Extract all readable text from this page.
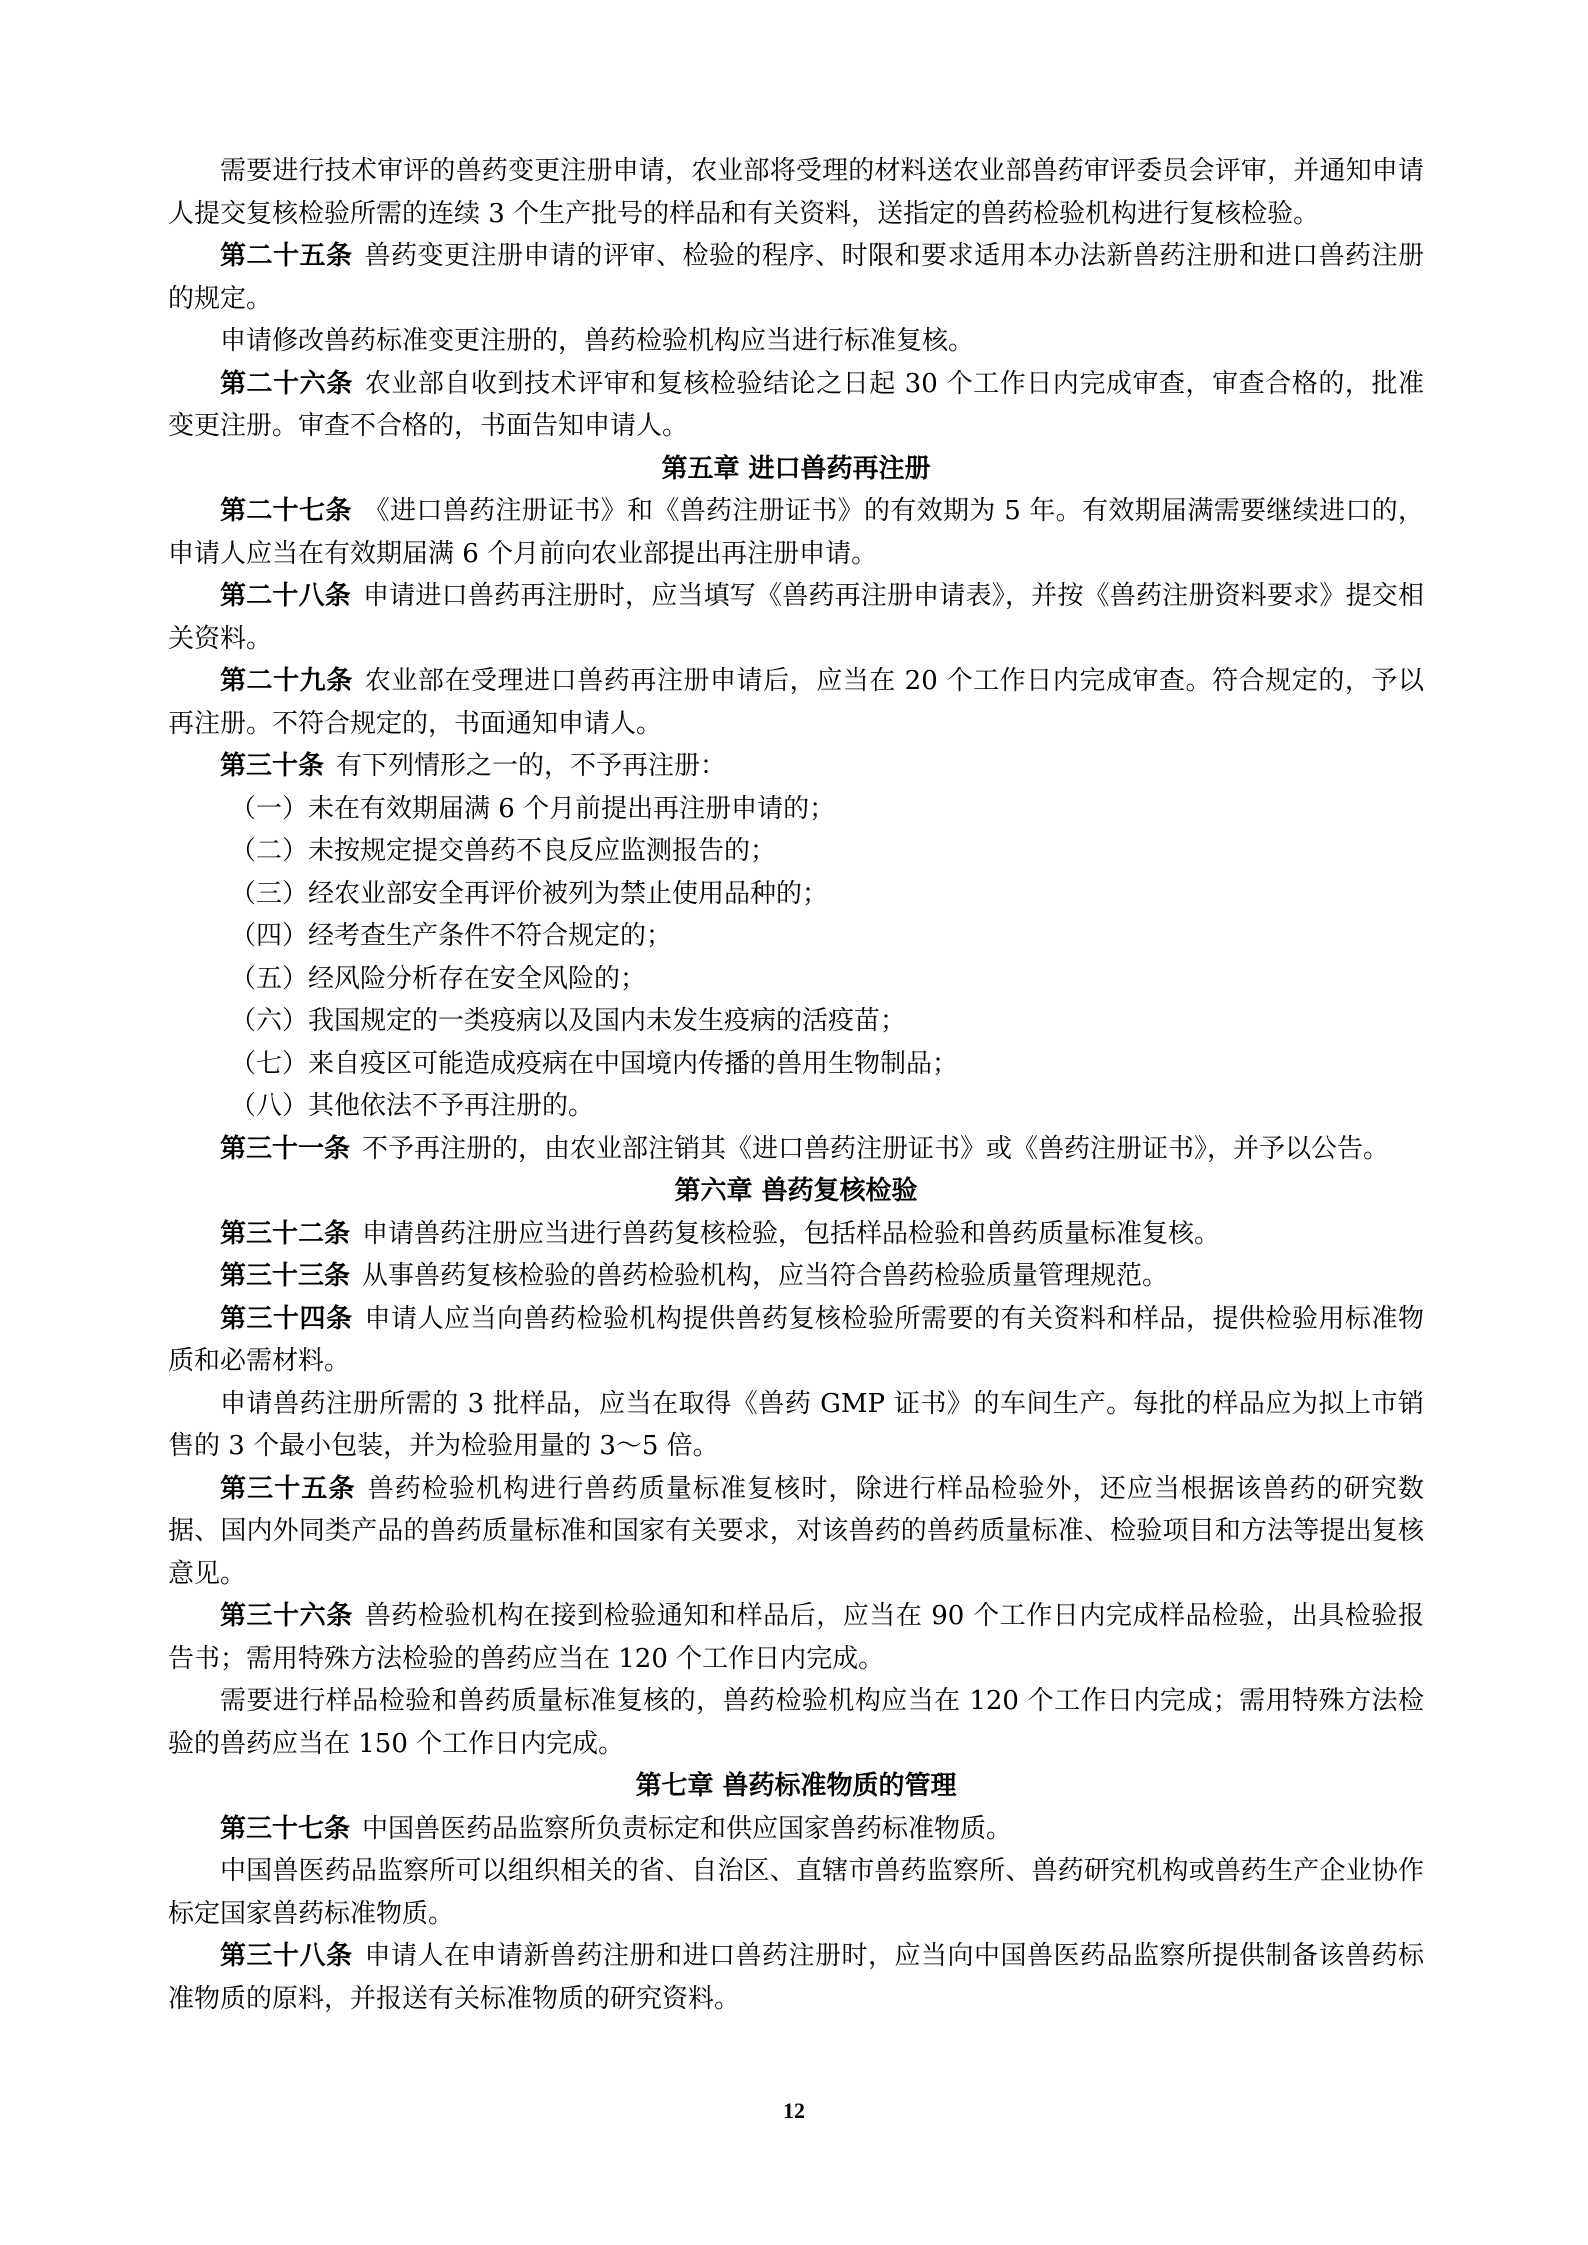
需要进行技术审评的兽药变更注册申请，农业部将受理的材料送农业部兽药审评委员会评审，并通知申请人提交复核检验所需的连续 3 个生产批号的样品和有关资料，送指定的兽药检验机构进行复核检验。

第二十五条 兽药变更注册申请的评审、检验的程序、时限和要求适用本办法新兽药注册和进口兽药注册的规定。

申请修改兽药标准变更注册的，兽药检验机构应当进行标准复核。

第二十六条 农业部自收到技术评审和复核检验结论之日起 30 个工作日内完成审查，审查合格的，批准变更注册。审查不合格的，书面告知申请人。

第五章 进口兽药再注册

第二十七条 《进口兽药注册证书》和《兽药注册证书》的有效期为 5 年。有效期届满需要继续进口的，申请人应当在有效期届满 6 个月前向农业部提出再注册申请。

第二十八条 申请进口兽药再注册时，应当填写《兽药再注册申请表》，并按《兽药注册资料要求》提交相关资料。

第二十九条 农业部在受理进口兽药再注册申请后，应当在 20 个工作日内完成审查。符合规定的，予以再注册。不符合规定的，书面通知申请人。

第三十条 有下列情形之一的，不予再注册：

（一）未在有效期届满 6 个月前提出再注册申请的；

（二）未按规定提交兽药不良反应监测报告的；

（三）经农业部安全再评价被列为禁止使用品种的；

（四）经考查生产条件不符合规定的；

（五）经风险分析存在安全风险的；

（六）我国规定的一类疫病以及国内未发生疫病的活疫苗；

（七）来自疫区可能造成疫病在中国境内传播的兽用生物制品；

（八）其他依法不予再注册的。

第三十一条 不予再注册的，由农业部注销其《进口兽药注册证书》或《兽药注册证书》，并予以公告。

第六章 兽药复核检验

第三十二条 申请兽药注册应当进行兽药复核检验，包括样品检验和兽药质量标准复核。

第三十三条 从事兽药复核检验的兽药检验机构，应当符合兽药检验质量管理规范。

第三十四条 申请人应当向兽药检验机构提供兽药复核检验所需要的有关资料和样品，提供检验用标准物质和必需材料。

申请兽药注册所需的 3 批样品，应当在取得《兽药 GMP 证书》的车间生产。每批的样品应为拟上市销售的 3 个最小包装，并为检验用量的 3～5 倍。

第三十五条 兽药检验机构进行兽药质量标准复核时，除进行样品检验外，还应当根据该兽药的研究数据、国内外同类产品的兽药质量标准和国家有关要求，对该兽药的兽药质量标准、检验项目和方法等提出复核意见。

第三十六条 兽药检验机构在接到检验通知和样品后，应当在 90 个工作日内完成样品检验，出具检验报告书；需用特殊方法检验的兽药应当在 120 个工作日内完成。

需要进行样品检验和兽药质量标准复核的，兽药检验机构应当在 120 个工作日内完成；需用特殊方法检验的兽药应当在 150 个工作日内完成。

第七章 兽药标准物质的管理

第三十七条 中国兽医药品监察所负责标定和供应国家兽药标准物质。

中国兽医药品监察所可以组织相关的省、自治区、直辖市兽药监察所、兽药研究机构或兽药生产企业协作标定国家兽药标准物质。

第三十八条 申请人在申请新兽药注册和进口兽药注册时，应当向中国兽医药品监察所提供制备该兽药标准物质的原料，并报送有关标准物质的研究资料。

12
